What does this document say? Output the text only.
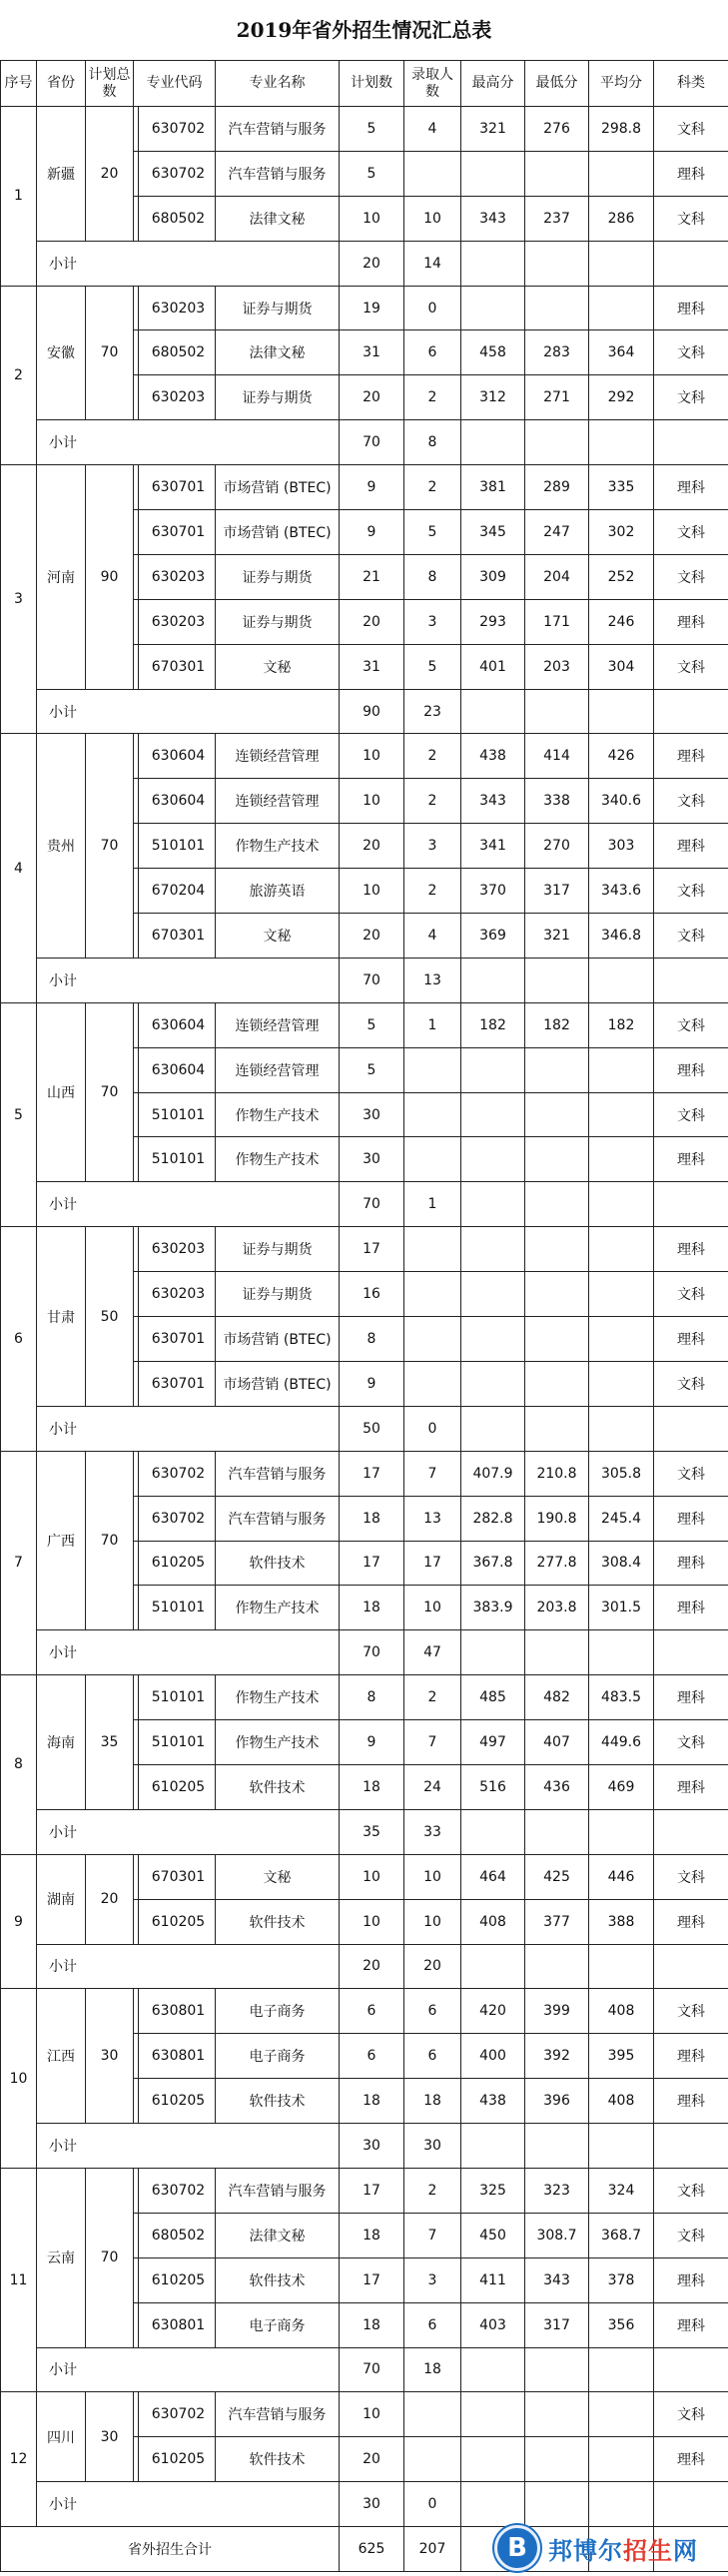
2019年省外招生情况汇总表
序号	省份	计划总数	专业代码	专业名称	计划数	录取人数	最高分	最低分	平均分	科类
1	新疆	20	630702	汽车营销与服务	5	4	321	276	298.8	文科
			630702	汽车营销与服务	5					理科
			680502	法律文秘	10	10	343	237	286	文科
	小计				20	14				
2	安徽	70	630203	证券与期货	19	0				理科
			680502	法律文秘	31	6	458	283	364	文科
			630203	证券与期货	20	2	312	271	292	文科
	小计				70	8				
3	河南	90	630701	市场营销 (BTEC)	9	2	381	289	335	理科
			630701	市场营销 (BTEC)	9	5	345	247	302	文科
			630203	证券与期货	21	8	309	204	252	文科
			630203	证券与期货	20	3	293	171	246	理科
			670301	文秘	31	5	401	203	304	文科
	小计				90	23				
4	贵州	70	630604	连锁经营管理	10	2	438	414	426	理科
			630604	连锁经营管理	10	2	343	338	340.6	文科
			510101	作物生产技术	20	3	341	270	303	理科
			670204	旅游英语	10	2	370	317	343.6	文科
			670301	文秘	20	4	369	321	346.8	文科
	小计				70	13				
5	山西	70	630604	连锁经营管理	5	1	182	182	182	文科
			630604	连锁经营管理	5					理科
			510101	作物生产技术	30					文科
			510101	作物生产技术	30					理科
	小计				70	1				
6	甘肃	50	630203	证券与期货	17					理科
			630203	证券与期货	16					文科
			630701	市场营销 (BTEC)	8					理科
			630701	市场营销 (BTEC)	9					文科
	小计				50	0				
7	广西	70	630702	汽车营销与服务	17	7	407.9	210.8	305.8	文科
			630702	汽车营销与服务	18	13	282.8	190.8	245.4	理科
			610205	软件技术	17	17	367.8	277.8	308.4	理科
			510101	作物生产技术	18	10	383.9	203.8	301.5	理科
	小计				70	47				
8	海南	35	510101	作物生产技术	8	2	485	482	483.5	理科
			510101	作物生产技术	9	7	497	407	449.6	文科
			610205	软件技术	18	24	516	436	469	理科
	小计				35	33				
9	湖南	20	670301	文秘	10	10	464	425	446	文科
			610205	软件技术	10	10	408	377	388	理科
	小计				20	20				
10	江西	30	630801	电子商务	6	6	420	399	408	文科
			630801	电子商务	6	6	400	392	395	理科
			610205	软件技术	18	18	438	396	408	理科
	小计				30	30				
11	云南	70	630702	汽车营销与服务	17	2	325	323	324	文科
			680502	法律文秘	18	7	450	308.7	368.7	文科
			610205	软件技术	17	3	411	343	378	理科
			630801	电子商务	18	6	403	317	356	理科
	小计				70	18				
12	四川	30	630702	汽车营销与服务	10					文科
			610205	软件技术	20					理科
	小计				30	0				
省外招生合计					625	207					B 邦博尔招生网
